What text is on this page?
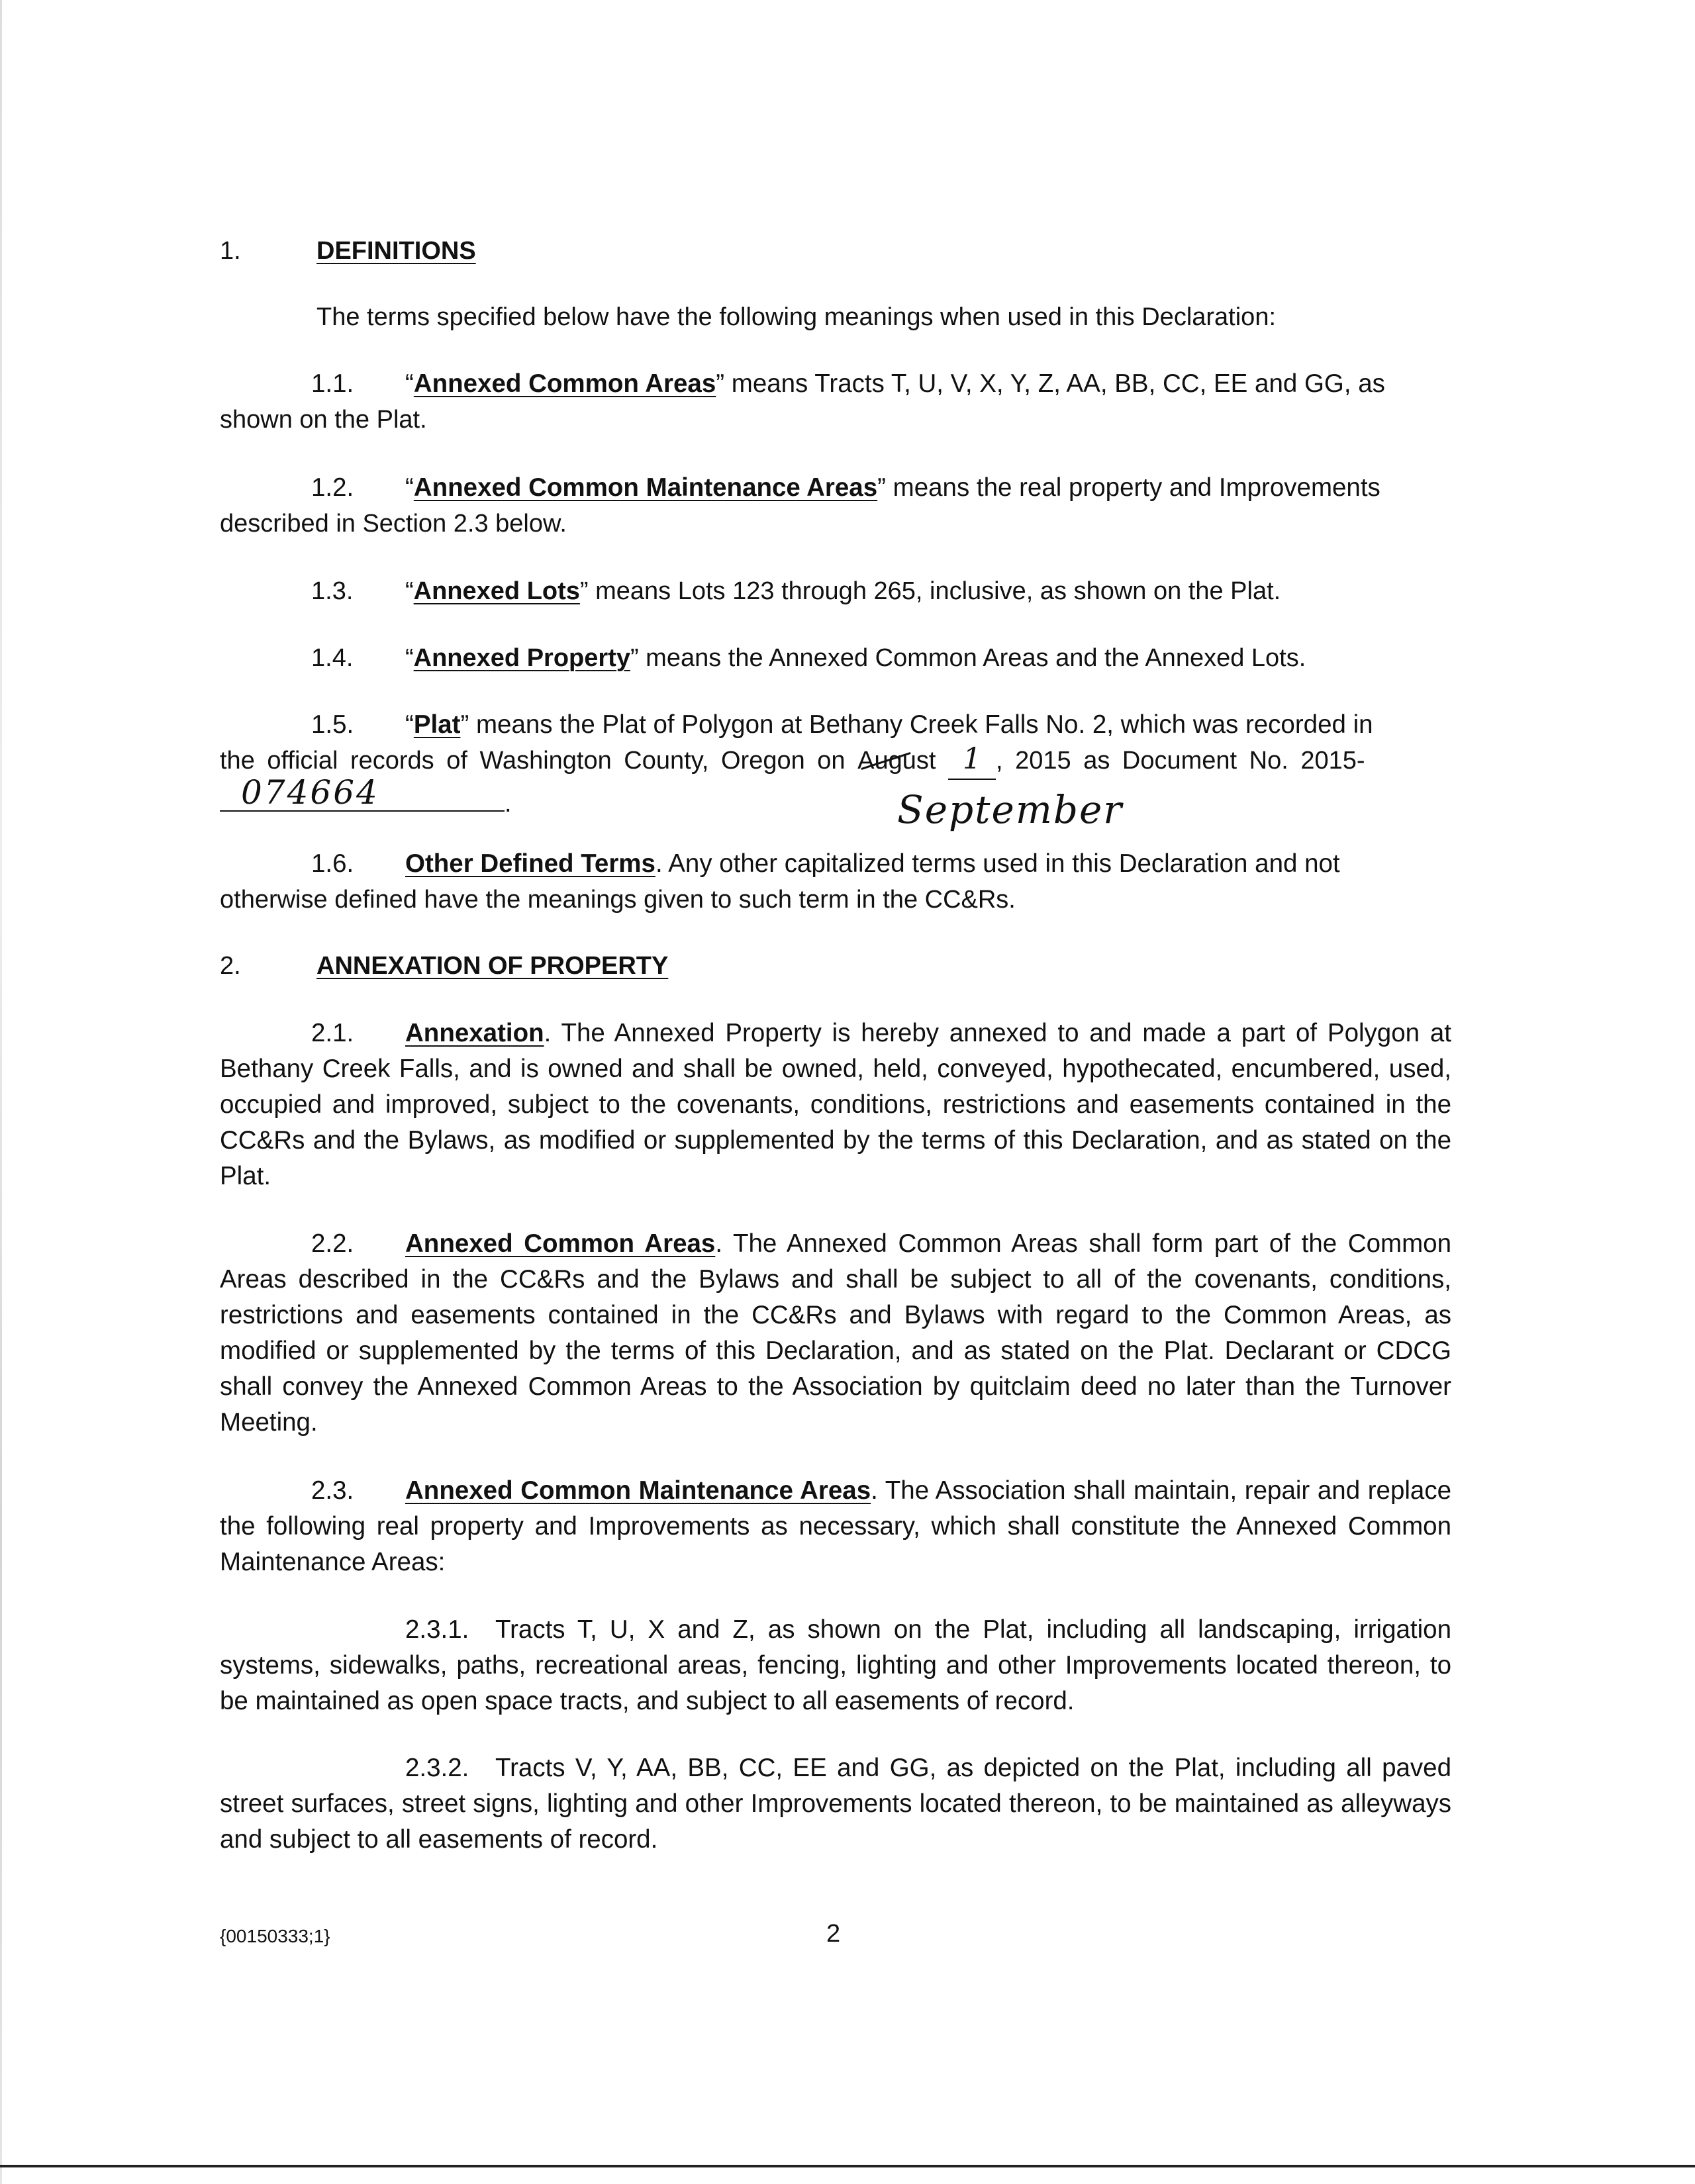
1.	DEFINITIONS
The terms specified below have the following meanings when used in this Declaration:
1.1. “Annexed Common Areas” means Tracts T, U, V, X, Y, Z, AA, BB, CC, EE and GG, as
shown on the Plat.
1.2. “Annexed Common Maintenance Areas” means the real property and Improvements
described in Section 2.3 below.
1.3. “Annexed Lots” means Lots 123 through 265, inclusive, as shown on the Plat.
1.4. “Annexed Property” means the Annexed Common Areas and the Annexed Lots.
1.5. “Plat” means the Plat of Polygon at Bethany Creek Falls No. 2, which was recorded in
the official records of Washington County, Oregon on August 1 , 2015 as Document No. 2015-
074664	.	September
1.6. Other Defined Terms. Any other capitalized terms used in this Declaration and not
otherwise defined have the meanings given to such term in the CC&Rs.
2.	ANNEXATION OF PROPERTY
2.1. Annexation. The Annexed Property is hereby annexed to and made a part of Polygon at Bethany Creek Falls, and is owned and shall be owned, held, conveyed, hypothecated, encumbered, used, occupied and improved, subject to the covenants, conditions, restrictions and easements contained in the CC&Rs and the Bylaws, as modified or supplemented by the terms of this Declaration, and as stated on the Plat.
2.2. Annexed Common Areas. The Annexed Common Areas shall form part of the Common Areas described in the CC&Rs and the Bylaws and shall be subject to all of the covenants, conditions, restrictions and easements contained in the CC&Rs and Bylaws with regard to the Common Areas, as modified or supplemented by the terms of this Declaration, and as stated on the Plat. Declarant or CDCG shall convey the Annexed Common Areas to the Association by quitclaim deed no later than the Turnover Meeting.
2.3. Annexed Common Maintenance Areas. The Association shall maintain, repair and replace the following real property and Improvements as necessary, which shall constitute the Annexed Common Maintenance Areas:
2.3.1. Tracts T, U, X and Z, as shown on the Plat, including all landscaping, irrigation systems, sidewalks, paths, recreational areas, fencing, lighting and other Improvements located thereon, to be maintained as open space tracts, and subject to all easements of record.
2.3.2. Tracts V, Y, AA, BB, CC, EE and GG, as depicted on the Plat, including all paved street surfaces, street signs, lighting and other Improvements located thereon, to be maintained as alleyways and subject to all easements of record.
{00150333;1}	2
